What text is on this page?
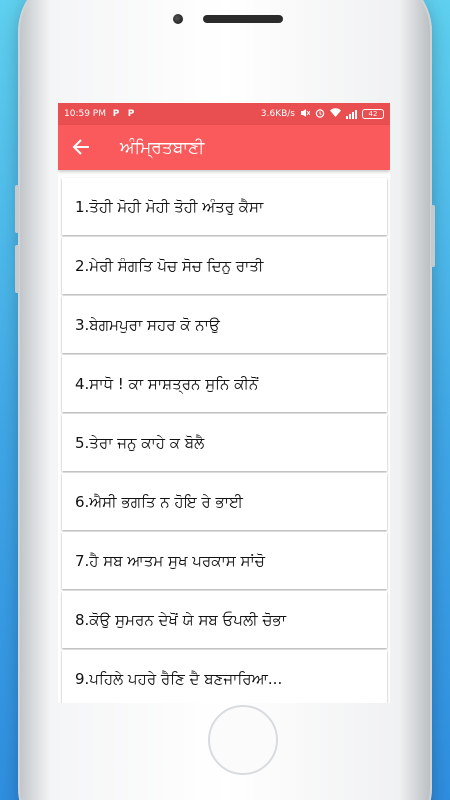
10:59 PM P P	3.6KB/s	42
ਅੰਮ੍ਰਿਤਬਾਣੀ
1.ਤੋਹੀ ਮੋਹੀ ਮੋਹੀ ਤੋਹੀ ਅੰਤਰੁ ਕੈਸਾ
2.ਮੇਰੀ ਸੰਗਤਿ ਪੋਚ ਸੋਚ ਦਿਨੁ ਰਾਤੀ
3.ਬੇਗਮਪੁਰਾ ਸਹਰ ਕੋ ਨਾਉ
4.ਸਾਧੋ ! ਕਾ ਸਾਸ਼ਤ੍ਰਨ ਸੁਨਿ ਕੀਨੋਂ
5.ਤੇਰਾ ਜਨੁ ਕਾਹੇ ਕ ਬੋਲੈ
6.ਐਸੀ ਭਗਤਿ ਨ ਹੋਇ ਰੇ ਭਾਈ
7.ਹੈ ਸਬ ਆਤਮ ਸੁਖ ਪਰਕਾਸ ਸਾਂਚੋ
8.ਕੋਉ ਸੁਮਰਨ ਦੇਖੋਂ ਯੇ ਸਬ ਓਪਲੀ ਚੋਭਾ
9.ਪਹਿਲੇ ਪਹਰੇ ਰੈਣਿ ਦੈ ਬਣਜਾਰਿਆ...
